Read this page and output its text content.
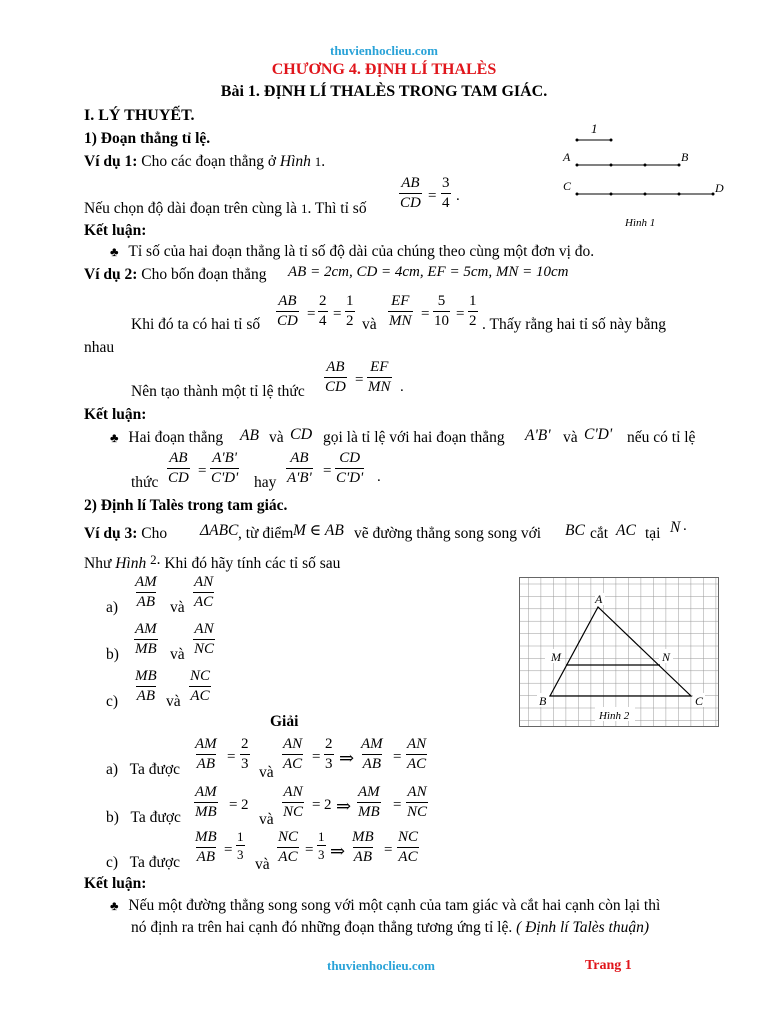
thuvienhoclieu.com
CHƯƠNG 4. ĐỊNH LÍ THALÈS
Bài 1. ĐỊNH LÍ THALÈS TRONG TAM GIÁC.
I. LÝ THUYẾT.
1) Đoạn thẳng tỉ lệ.
Ví dụ 1: Cho các đoạn thẳng ở Hình 1.
Nếu chọn độ dài đoạn trên cùng là 1. Thì tỉ số $\frac{AB}{CD} = \frac{3}{4}$ .
Kết luận:
♣ Tỉ số của hai đoạn thẳng là tỉ số độ dài của chúng theo cùng một đơn vị đo.
Ví dụ 2: Cho bốn đoạn thẳng AB = 2cm, CD = 4cm, EF = 5cm, MN = 10cm
Khi đó ta có hai tỉ số $\frac{AB}{CD} = \frac{2}{4} = \frac{1}{2}$ và $\frac{EF}{MN} = \frac{5}{10} = \frac{1}{2}$ . Thấy rằng hai tỉ số này bằng
nhau
Nên tạo thành một tỉ lệ thức $\frac{AB}{CD} = \frac{EF}{MN}$ .
Kết luận:
♣ Hai đoạn thẳng AB và CD gọi là tỉ lệ với hai đoạn thẳng A'B' và C'D' nếu có tỉ lệ
thức $\frac{AB}{CD} = \frac{A'B'}{C'D'}$ hay $\frac{AB}{A'B'} = \frac{CD}{C'D'}$ .
2) Định lí Talès trong tam giác.
Ví dụ 3: Cho ΔABC , từ điểm M ∈ AB vẽ đường thẳng song song với BC cắt AC tại N .
Như Hình $^2$. Khi đó hãy tính các tỉ số sau
$a) \frac{AM}{AB}$ và $\frac{AN}{AC}$
$b) \frac{AM}{MB}$ và $\frac{AN}{NC}$
$c) \frac{MB}{AB}$ và $\frac{NC}{AC}$
Giải
a) Ta được $\frac{AM}{AB} = \frac{2}{3}$
và
$\frac{AN}{AC} = \frac{2}{3}$ ⇒ $\frac{AM}{AB} = \frac{AN}{AC}$
b) Ta được $\frac{AM}{MB} = 2$
và $\frac{AN}{NC} = 2$ ⇒ $\frac{AM}{MB} = \frac{AN}{NC}$
c) Ta được $\frac{MB}{AB} = \frac{1}{3}$
và $\frac{NC}{AC} = \frac{1}{3}$ ⇒ $\frac{MB}{AB} = \frac{NC}{AC}$
Kết luận:
♣ Nếu một đường thẳng song song với một cạnh của tam giác và cắt hai cạnh còn lại thì
nó định ra trên hai cạnh đó những đoạn thẳng tương ứng tỉ lệ. ( Định lí Talès thuận)
thuvienhoclieu.com	Trang 1
1
A	B
C	D
Hình 1
A
M	N
B	C
Hình 2
